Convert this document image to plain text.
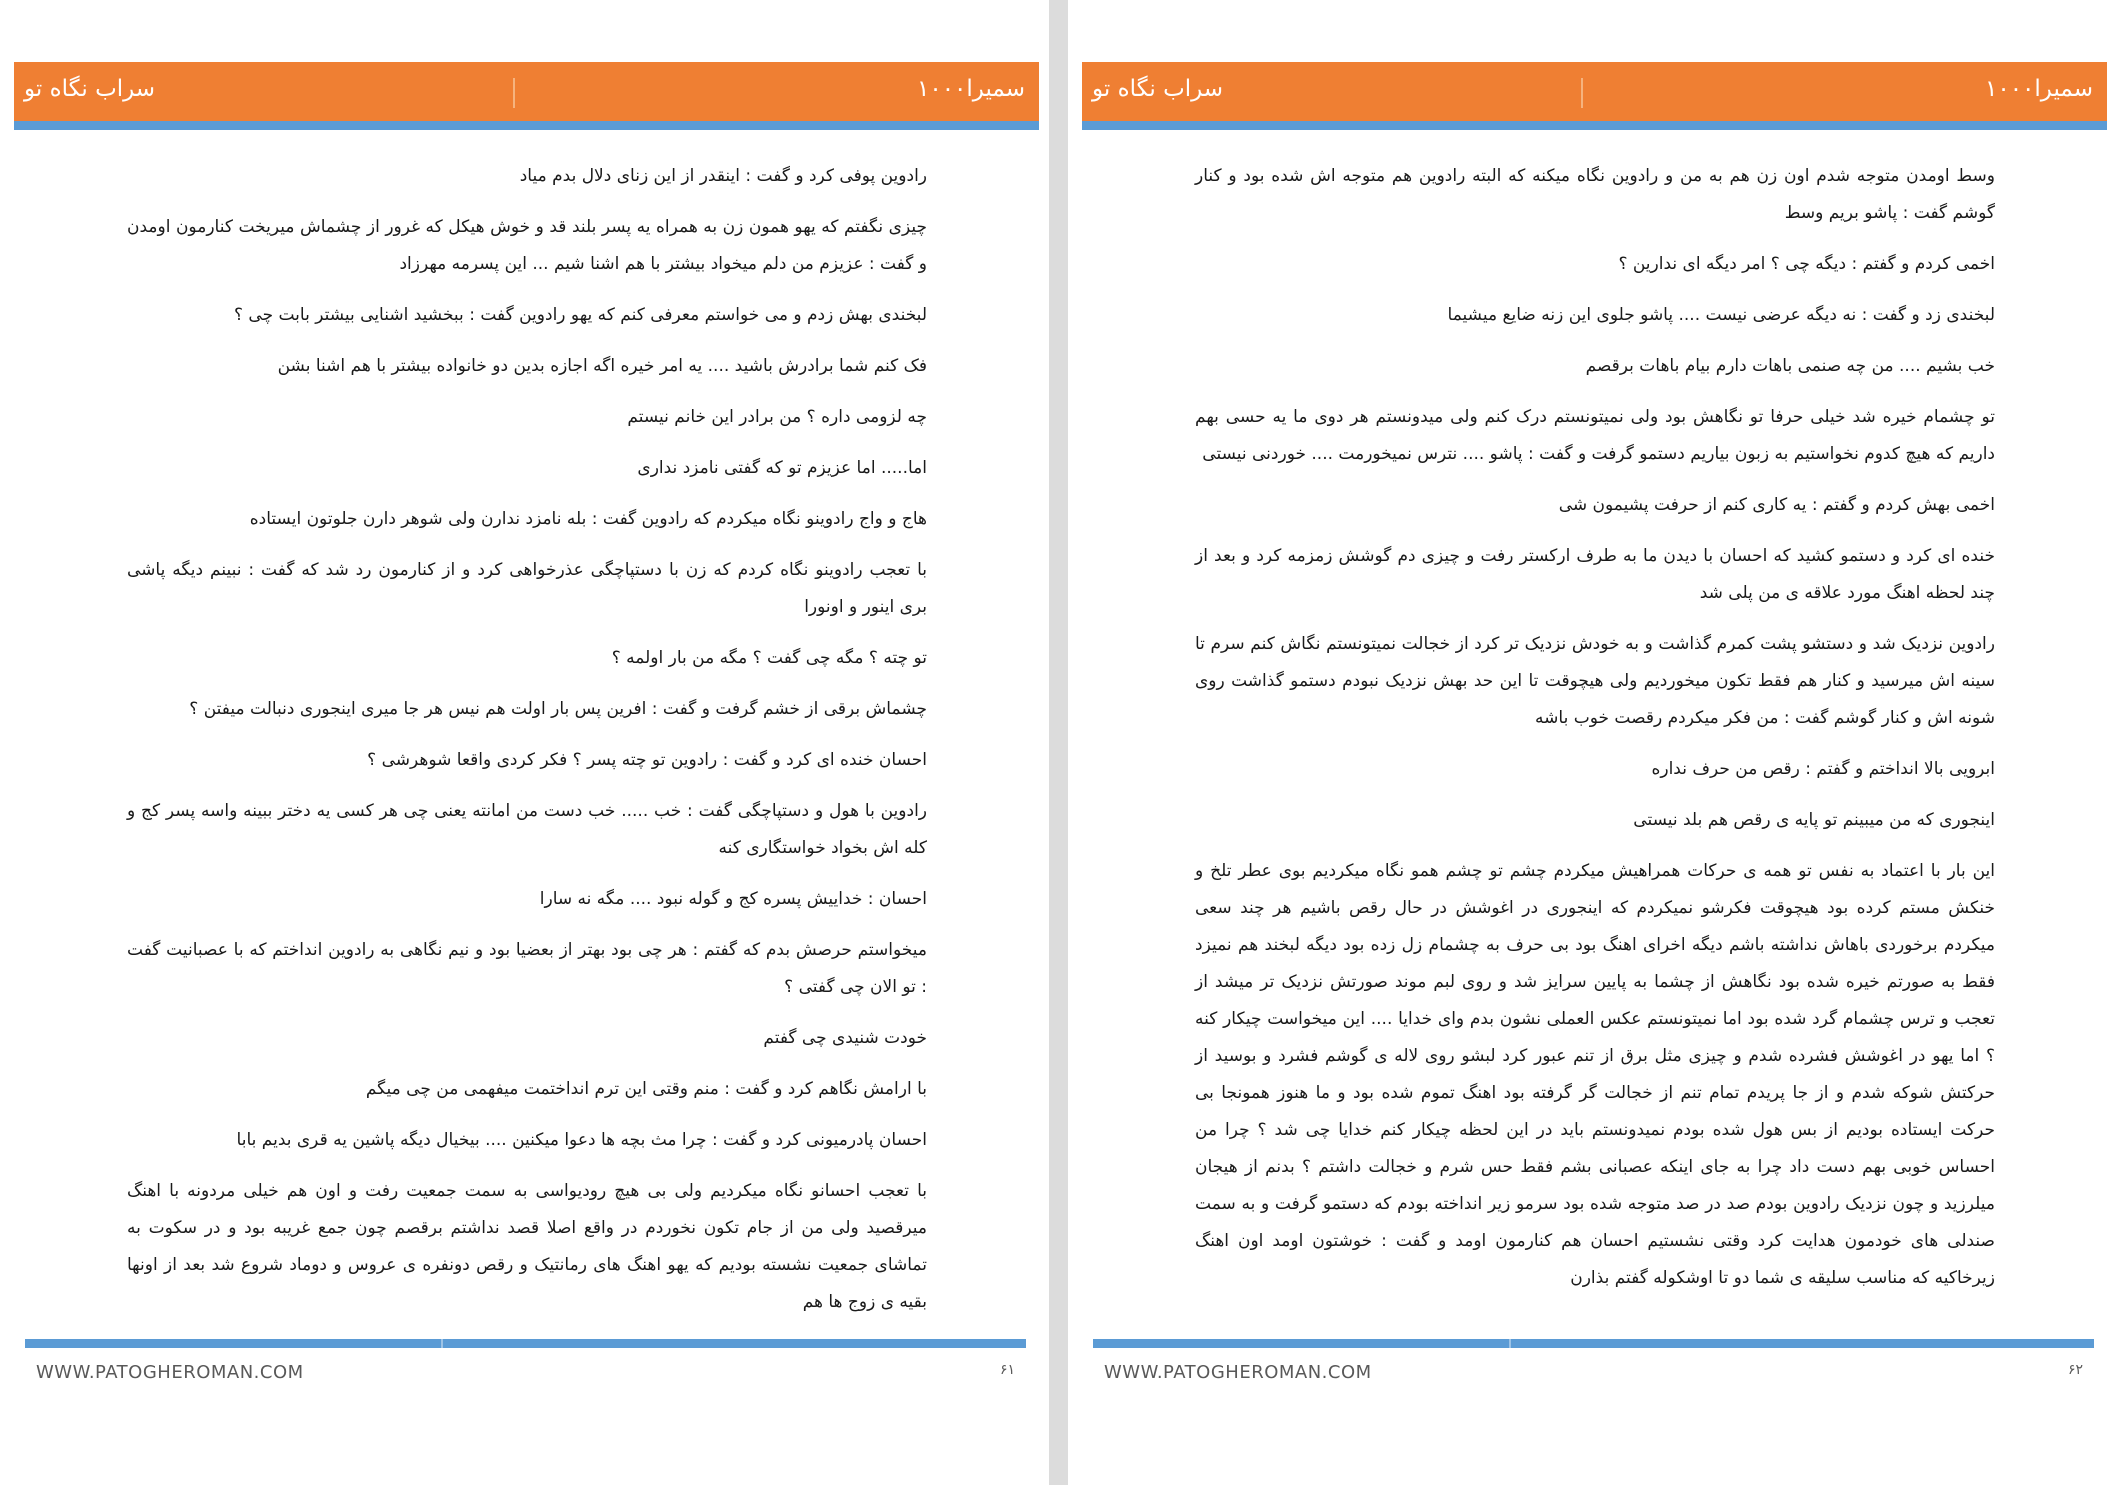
سراب نگاه تو	سمیرا۱۰۰۰

رادوین پوفی کرد و گفت : اینقدر از این زنای دلال بدم میاد

چیزی نگفتم که یهو همون زن به همراه یه پسر بلند قد و خوش هیکل که غرور از چشماش میریخت کنارمون اومدن و گفت : عزیزم من دلم میخواد بیشتر با هم اشنا شیم ... این پسرمه مهرزاد

لبخندی بهش زدم و می خواستم معرفی کنم که یهو رادوین گفت : ببخشید اشنایی بیشتر بابت چی ؟

فک کنم شما برادرش باشید .... یه امر خیره اگه اجازه بدین دو خانواده بیشتر با هم اشنا بشن

چه لزومی داره ؟ من برادر این خانم نیستم

اما..... اما عزیزم تو که گفتی نامزد نداری

هاج و واج رادوینو نگاه میکردم که رادوین گفت : بله نامزد ندارن ولی شوهر دارن جلوتون ایستاده

با تعجب رادوینو نگاه کردم که زن با دستپاچگی عذرخواهی کرد و از کنارمون رد شد که گفت : نبینم دیگه پاشی بری اینور و اونورا

تو چته ؟ مگه چی گفت ؟ مگه من بار اولمه ؟

چشماش برقی از خشم گرفت و گفت : افرین پس بار اولت هم نیس هر جا میری اینجوری دنبالت میفتن ؟

احسان خنده ای کرد و گفت : رادوین تو چته پسر ؟ فکر کردی واقعا شوهرشی ؟

رادوین با هول و دستپاچگی گفت : خب ..... خب دست من امانته یعنی چی هر کسی یه دختر ببینه واسه پسر کج و کله اش بخواد خواستگاری کنه

احسان : خداییش پسره کج و گوله نبود .... مگه نه سارا

میخواستم حرصش بدم که گفتم : هر چی بود بهتر از بعضیا بود و نیم نگاهی به رادوین انداختم که با عصبانیت گفت : تو الان چی گفتی ؟

خودت شنیدی چی گفتم

با ارامش نگاهم کرد و گفت : منم وقتی این ترم انداختمت میفهمی من چی میگم

احسان پادرمیونی کرد و گفت : چرا مث بچه ها دعوا میکنین .... بیخیال دیگه پاشین یه قری بدیم بابا

با تعجب احسانو نگاه میکردیم ولی بی هیچ رودیواسی به سمت جمعیت رفت و اون هم خیلی مردونه با اهنگ میرقصید ولی من از جام تکون نخوردم در واقع اصلا قصد نداشتم برقصم چون جمع غریبه بود و در سکوت به تماشای جمعیت نشسته بودیم که یهو اهنگ های رمانتیک و رقص دونفره ی عروس و دوماد شروع شد بعد از اونها بقیه ی زوج ها هم

WWW.PATOGHEROMAN.COM	۶۱
سراب نگاه تو	سمیرا۱۰۰۰

وسط اومدن متوجه شدم اون زن هم به من و رادوین نگاه میکنه که البته رادوین هم متوجه اش شده بود و کنار گوشم گفت : پاشو بریم وسط

اخمی کردم و گفتم : دیگه چی ؟ امر دیگه ای ندارین ؟

لبخندی زد و گفت : نه دیگه عرضی نیست .... پاشو جلوی این زنه ضایع میشیما

خب بشیم .... من چه صنمی باهات دارم بیام باهات برقصم

تو چشمام خیره شد خیلی حرفا تو نگاهش بود ولی نمیتونستم درک کنم ولی میدونستم هر دوی ما یه حسی بهم داریم که هیچ کدوم نخواستیم به زبون بیاریم دستمو گرفت و گفت : پاشو .... نترس نمیخورمت .... خوردنی نیستی

اخمی بهش کردم و گفتم : یه کاری کنم از حرفت پشیمون شی

خنده ای کرد و دستمو کشید که احسان با دیدن ما به طرف ارکستر رفت و چیزی دم گوشش زمزمه کرد و بعد از چند لحظه اهنگ مورد علاقه ی من پلی شد

رادوین نزدیک شد و دستشو پشت کمرم گذاشت و به خودش نزدیک تر کرد از خجالت نمیتونستم نگاش کنم سرم تا سینه اش میرسید و کنار هم فقط تکون میخوردیم ولی هیچوقت تا این حد بهش نزدیک نبودم دستمو گذاشت روی شونه اش و کنار گوشم گفت : من فکر میکردم رقصت خوب باشه

ابرویی بالا انداختم و گفتم : رقص من حرف نداره

اینجوری که من میبینم تو پایه ی رقص هم بلد نیستی

این بار با اعتماد به نفس تو همه ی حرکات همراهیش میکردم چشم تو چشم همو نگاه میکردیم بوی عطر تلخ و خنکش مستم کرده بود هیچوقت فکرشو نمیکردم که اینجوری در اغوشش در حال رقص باشیم هر چند سعی میکردم برخوردی باهاش نداشته باشم دیگه اخرای اهنگ بود بی حرف به چشمام زل زده بود دیگه لبخند هم نمیزد فقط به صورتم خیره شده بود نگاهش از چشما به پایین سرایز شد و روی لبم موند صورتش نزدیک تر میشد از تعجب و ترس چشمام گرد شده بود اما نمیتونستم عکس العملی نشون بدم وای خدایا .... این میخواست چیکار کنه ؟ اما یهو در اغوشش فشرده شدم و چیزی مثل برق از تنم عبور کرد لبشو روی لاله ی گوشم فشرد و بوسید از حرکتش شوکه شدم و از جا پریدم تمام تنم از خجالت گر گرفته بود اهنگ تموم شده بود و ما هنوز همونجا بی حرکت ایستاده بودیم از بس هول شده بودم نمیدونستم باید در این لحظه چیکار کنم خدایا چی شد ؟ چرا من احساس خوبی بهم دست داد چرا به جای اینکه عصبانی بشم فقط حس شرم و خجالت داشتم ؟ بدنم از هیجان میلرزید و چون نزدیک رادوین بودم صد در صد متوجه شده بود سرمو زیر انداخته بودم که دستمو گرفت و به سمت صندلی های خودمون هدایت کرد وقتی نشستیم احسان هم کنارمون اومد و گفت : خوشتون اومد اون اهنگ زیرخاکیه که مناسب سلیقه ی شما دو تا اوشکوله گفتم بذارن

WWW.PATOGHEROMAN.COM	۶۲
